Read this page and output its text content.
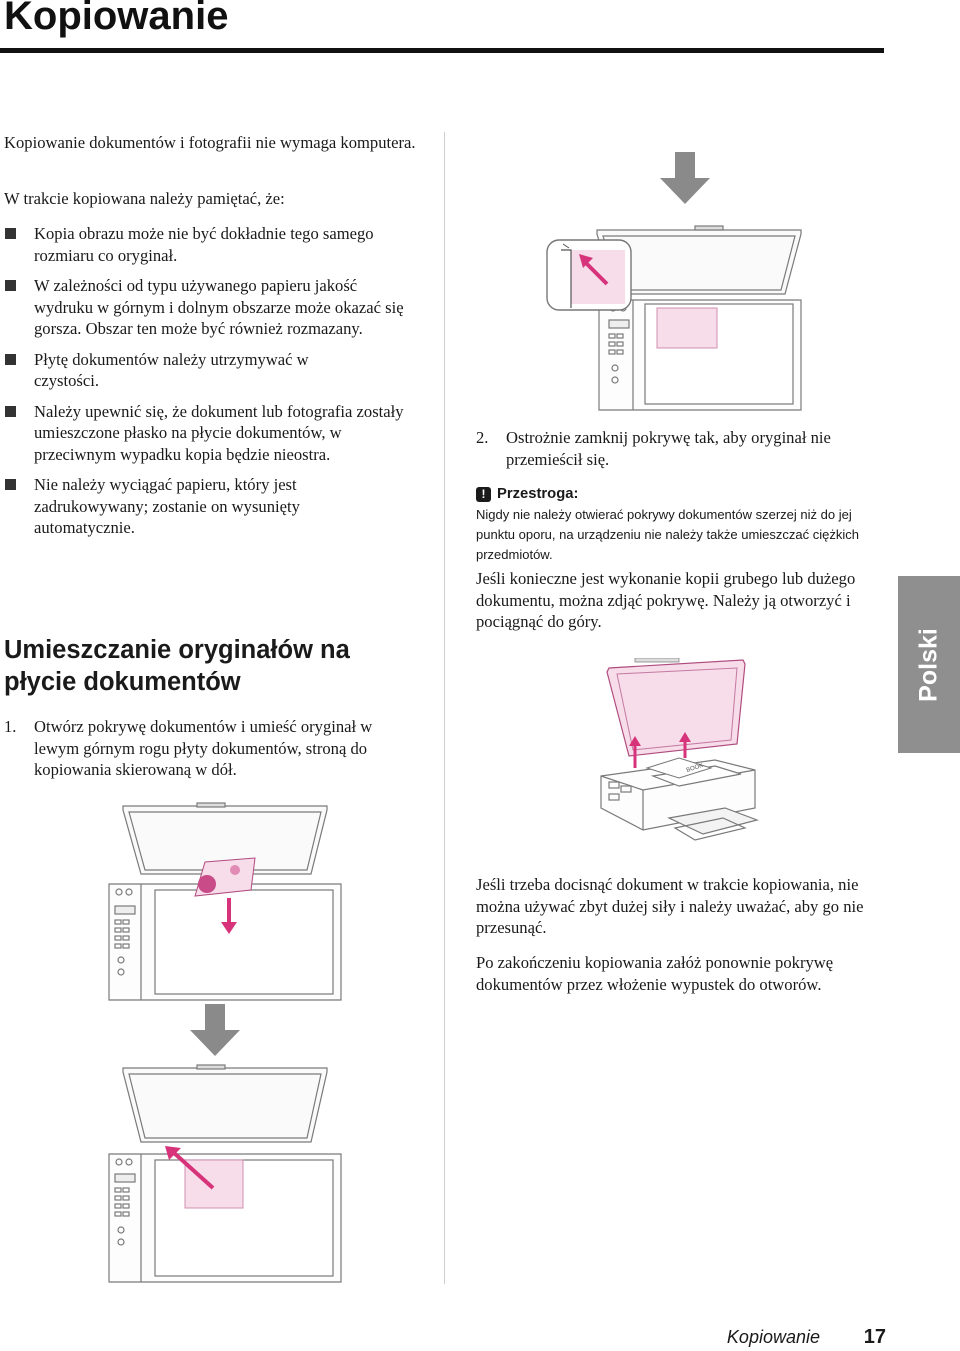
Kopiowanie

Kopiowanie dokumentów i fotografii nie wymaga komputera.

W trakcie kopiowana należy pamiętać, że:

Kopia obrazu może nie być dokładnie tego samego rozmiaru co oryginał.
W zależności od typu używanego papieru jakość wydruku w górnym i dolnym obszarze może okazać się gorsza. Obszar ten może być również rozmazany.
Płytę dokumentów należy utrzymywać w czystości.
Należy upewnić się, że dokument lub fotografia zostały umieszczone płasko na płycie dokumentów, w przeciwnym wypadku kopia będzie nieostra.
Nie należy wyciągać papieru, który jest zadrukowywany; zostanie on wysunięty automatycznie.
Umieszczanie oryginałów na płycie dokumentów
1.	Otwórz pokrywę dokumentów i umieść oryginał w lewym górnym rogu płyty dokumentów, stroną do kopiowania skierowaną w dół.
2.	Ostrożnie zamknij pokrywę tak, aby oryginał nie przemieścił się.
! Przestroga:
Nigdy nie należy otwierać pokrywy dokumentów szerzej niż do jej punktu oporu, na urządzeniu nie należy także umieszczać ciężkich przedmiotów.

Jeśli konieczne jest wykonanie kopii grubego lub dużego dokumentu, można zdjąć pokrywę. Należy ją otworzyć i pociągnąć do góry.

BOOK

Jeśli trzeba docisnąć dokument w trakcie kopiowania, nie można używać zbyt dużej siły i należy uważać, aby go nie przesunąć.

Po zakończeniu kopiowania załóż ponownie pokrywę dokumentów przez włożenie wypustek do otworów.

Polski
Kopiowanie 17
